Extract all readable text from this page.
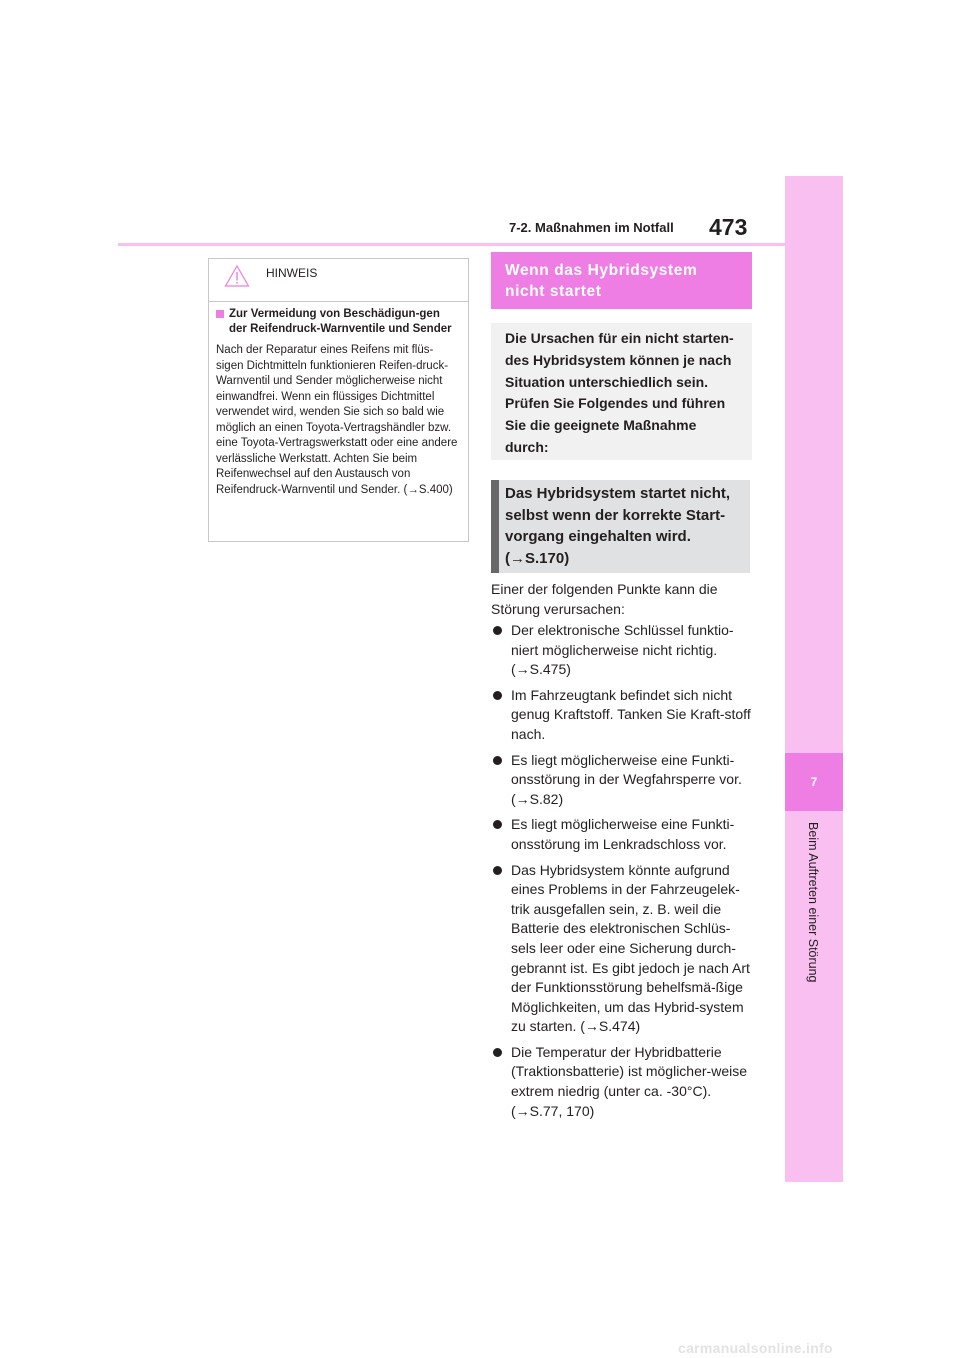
7
Beim Auftreten einer Störung
7-2. Maßnahmen im Notfall 473
HINWEIS
Zur Vermeidung von Beschädigun-gen der Reifendruck-Warnventile und Sender
Nach der Reparatur eines Reifens mit flüs-sigen Dichtmitteln funktionieren Reifen-druck-Warnventil und Sender möglicherweise nicht einwandfrei. Wenn ein flüssiges Dichtmittel verwendet wird, wenden Sie sich so bald wie möglich an einen Toyota-Vertragshändler bzw. eine Toyota-Vertragswerkstatt oder eine andere verlässliche Werkstatt. Achten Sie beim Reifenwechsel auf den Austausch von Reifendruck-Warnventil und Sender. (→S.400)
Wenn das Hybridsystem nicht startet
Die Ursachen für ein nicht starten-des Hybridsystem können je nach Situation unterschiedlich sein. Prüfen Sie Folgendes und führen Sie die geeignete Maßnahme durch:
Das Hybridsystem startet nicht, selbst wenn der korrekte Start-vorgang eingehalten wird. (→S.170)
Einer der folgenden Punkte kann die Störung verursachen:
Der elektronische Schlüssel funktio-niert möglicherweise nicht richtig. (→S.475)
Im Fahrzeugtank befindet sich nicht genug Kraftstoff. Tanken Sie Kraft-stoff nach.
Es liegt möglicherweise eine Funkti-onsstörung in der Wegfahrsperre vor. (→S.82)
Es liegt möglicherweise eine Funkti-onsstörung im Lenkradschloss vor.
Das Hybridsystem könnte aufgrund eines Problems in der Fahrzeugelek-trik ausgefallen sein, z. B. weil die Batterie des elektronischen Schlüs-sels leer oder eine Sicherung durch-gebrannt ist. Es gibt jedoch je nach Art der Funktionsstörung behelfsmä-ßige Möglichkeiten, um das Hybrid-system zu starten. (→S.474)
Die Temperatur der Hybridbatterie (Traktionsbatterie) ist möglicher-weise extrem niedrig (unter ca. -30°C). (→S.77, 170)
carmanualsonline.info
